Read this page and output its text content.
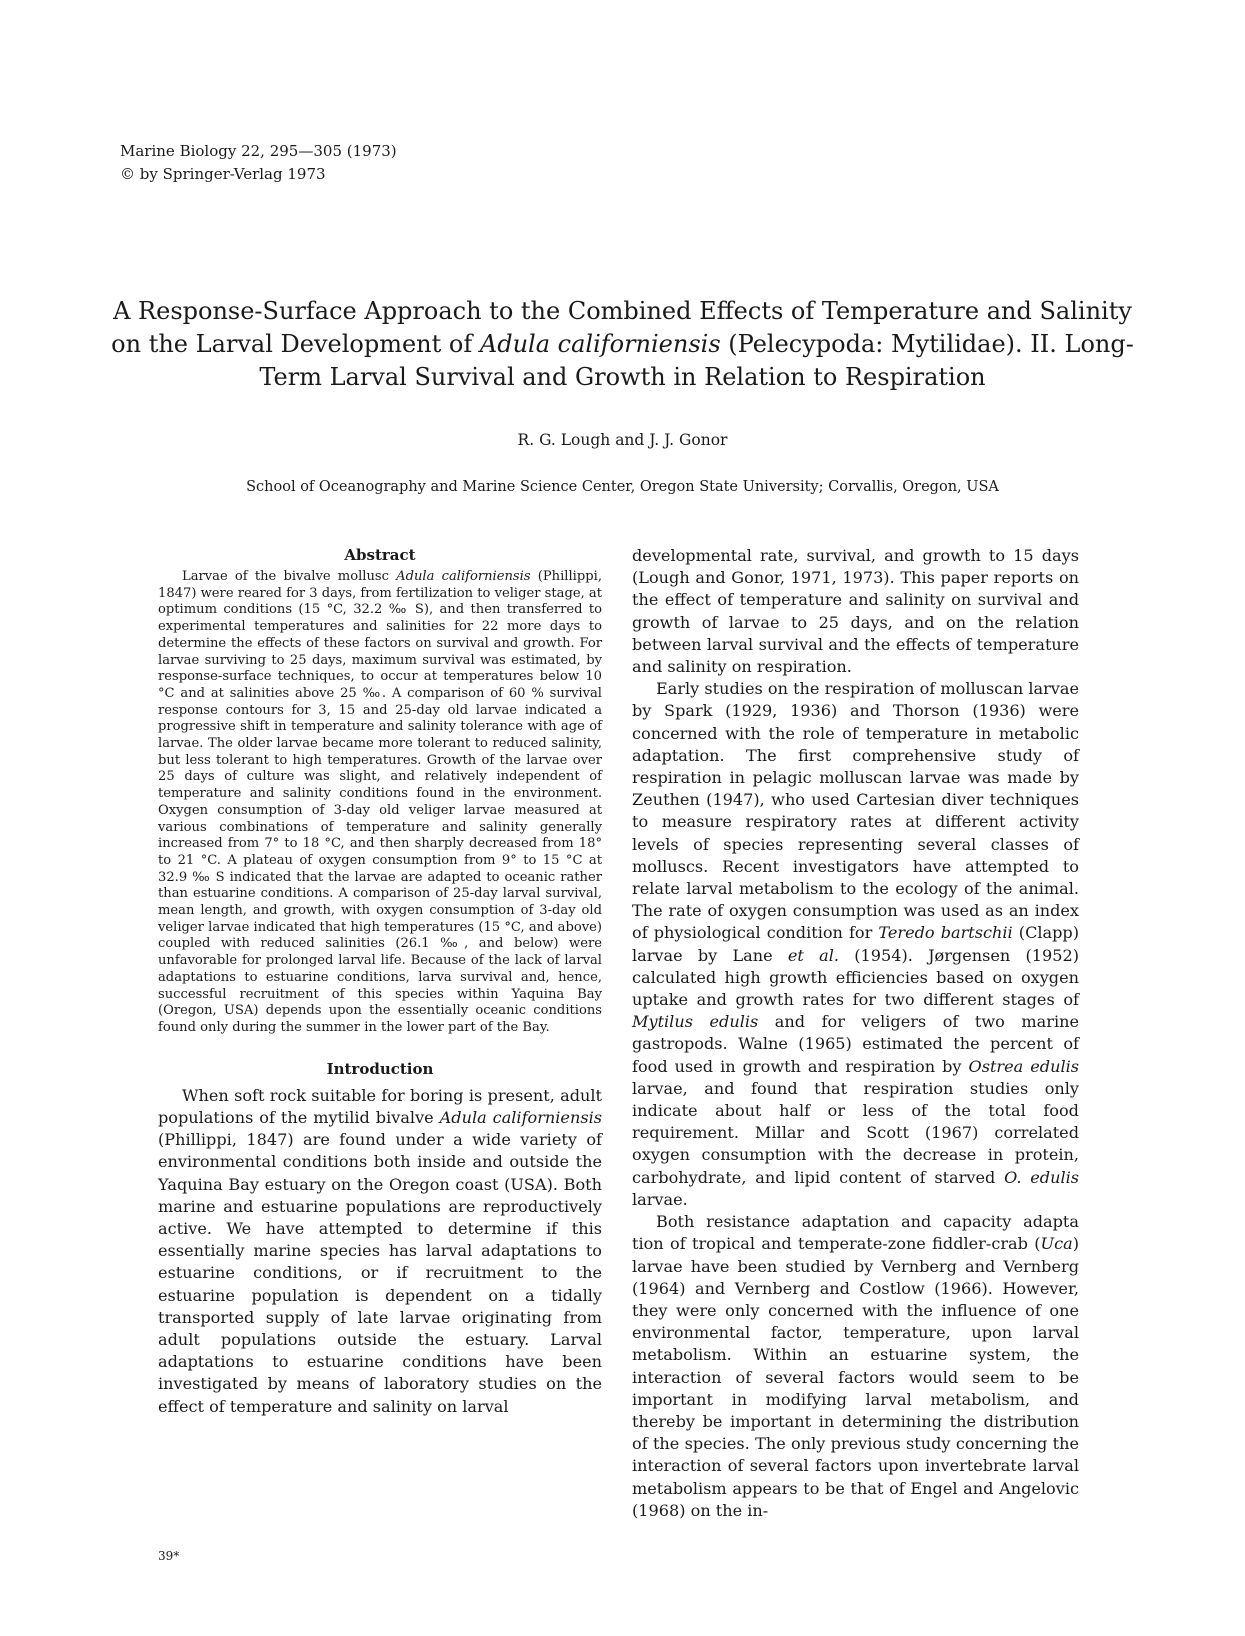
Marine Biology 22, 295—305 (1973)
© by Springer-Verlag 1973
A Response-Surface Approach to the Combined Effects of Temperature and Salinity on the Larval Development of Adula californiensis (Pelecypoda: Mytilidae). II. Long-Term Larval Survival and Growth in Relation to Respiration
R. G. Lough and J. J. Gonor
School of Oceanography and Marine Science Center, Oregon State University; Corvallis, Oregon, USA
Abstract

Larvae of the bivalve mollusc Adula californiensis (Phillippi, 1847) were reared for 3 days, from fertilization to veliger stage, at optimum conditions (15 °C, 32.2 ‰ S), and then transferred to experimental temperatures and salinities for 22 more days to determine the effects of these factors on survival and growth. For larvae surviving to 25 days, maximum survival was estimated, by response-surface techniques, to occur at temperatures below 10 °C and at salinities above 25 ‰. A comparison of 60 % survival response contours for 3, 15 and 25-day old larvae indicated a progressive shift in temperature and salinity tolerance with age of larvae. The older larvae became more tolerant to reduced salinity, but less tolerant to high temperatures. Growth of the larvae over 25 days of culture was slight, and relatively independent of temperature and salinity conditions found in the environment. Oxygen consumption of 3-day old veliger larvae measured at various combinations of temperature and salinity generally increased from 7° to 18 °C, and then sharply decreased from 18° to 21 °C. A plateau of oxygen consumption from 9° to 15 °C at 32.9 ‰ S indicated that the larvae are adapted to oceanic rather than estuarine conditions. A comparison of 25-day larval survival, mean length, and growth, with oxygen consumption of 3-day old veliger larvae indicated that high temperatures (15 °C, and above) coupled with reduced salinities (26.1 ‰, and below) were unfavorable for prolonged larval life. Because of the lack of larval adaptations to estuarine conditions, larva survival and, hence, successful recruitment of this species within Yaquina Bay (Oregon, USA) depends upon the essentially oceanic conditions found only during the summer in the lower part of the Bay.

Introduction

When soft rock suitable for boring is present, adult populations of the mytilid bivalve Adula californiensis (Phillippi, 1847) are found under a wide variety of environmental conditions both inside and outside the Yaquina Bay estuary on the Oregon coast (USA). Both marine and estuarine populations are reproductively active. We have attempted to determine if this essentially marine species has larval adaptations to estuarine conditions, or if recruitment to the estuarine population is dependent on a tidally transported supply of late larvae originating from adult populations outside the estuary. Larval adaptations to estuarine conditions have been investigated by means of laboratory studies on the effect of temperature and salinity on larval

developmental rate, survival, and growth to 15 days (Lough and Gonor, 1971, 1973). This paper reports on the effect of temperature and salinity on survival and growth of larvae to 25 days, and on the relation between larval survival and the effects of temperature and salinity on respiration.

Early studies on the respiration of molluscan larvae by Spark (1929, 1936) and Thorson (1936) were concerned with the role of temperature in metabolic adaptation. The first comprehensive study of respiration in pelagic molluscan larvae was made by Zeuthen (1947), who used Cartesian diver techniques to measure respiratory rates at different activity levels of species representing several classes of molluscs. Recent investigators have attempted to relate larval metabolism to the ecology of the animal. The rate of oxygen consumption was used as an index of physiological condition for Teredo bartschii (Clapp) larvae by Lane et al. (1954). Jørgensen (1952) calculated high growth efficiencies based on oxygen uptake and growth rates for two different stages of Mytilus edulis and for veligers of two marine gastropods. Walne (1965) estimated the percent of food used in growth and respiration by Ostrea edulis larvae, and found that respiration studies only indicate about half or less of the total food requirement. Millar and Scott (1967) correlated oxygen consumption with the decrease in protein, carbohydrate, and lipid content of starved O. edulis larvae.

Both resistance adaptation and capacity adapta tion of tropical and temperate-zone fiddler-crab (Uca) larvae have been studied by Vernberg and Vernberg (1964) and Vernberg and Costlow (1966). However, they were only concerned with the influence of one environmental factor, temperature, upon larval metabolism. Within an estuarine system, the interaction of several factors would seem to be important in modifying larval metabolism, and thereby be important in determining the distribution of the species. The only previous study concerning the interaction of several factors upon invertebrate larval metabolism appears to be that of Engel and Angelovic (1968) on the in-

39*
